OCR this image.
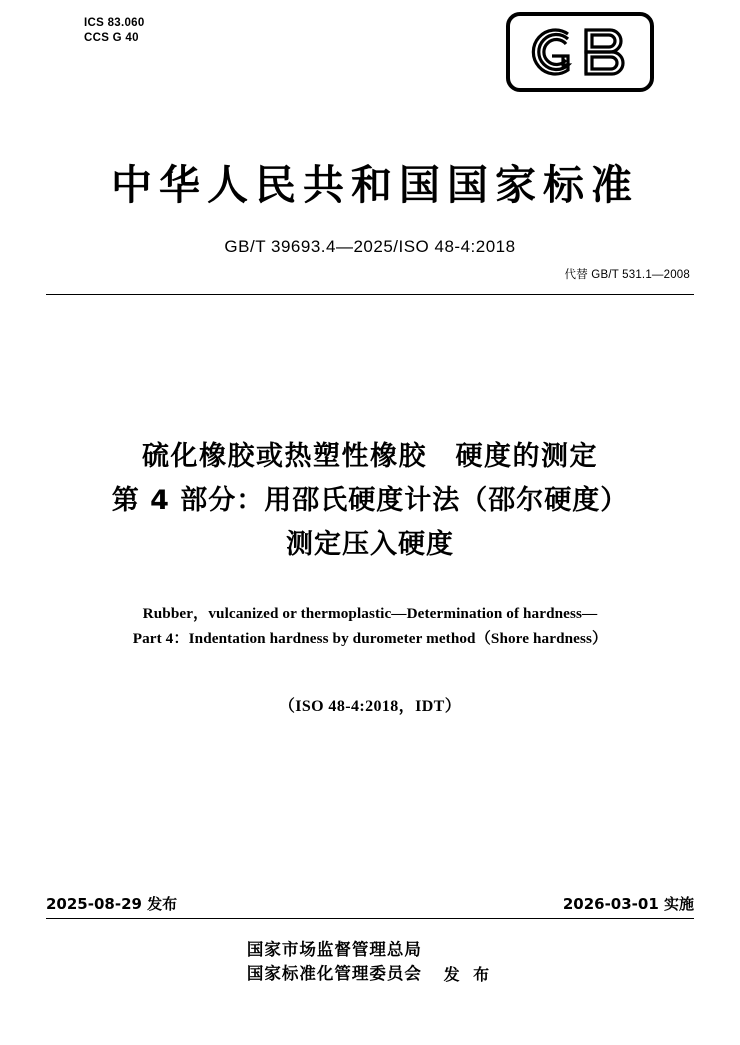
ICS 83.060
CCS G 40
中华人民共和国国家标准
GB/T 39693.4—2025/ISO 48-4:2018
代替 GB/T 531.1—2008
硫化橡胶或热塑性橡胶　硬度的测定
第 4 部分：用邵氏硬度计法（邵尔硬度）
测定压入硬度
Rubber，vulcanized or thermoplastic—Determination of hardness—
Part 4：Indentation hardness by durometer method（Shore hardness）
（ISO 48-4:2018，IDT）
2025-08-29 发布	2026-03-01 实施
国家市场监督管理总局
国家标准化管理委员会 发 布
